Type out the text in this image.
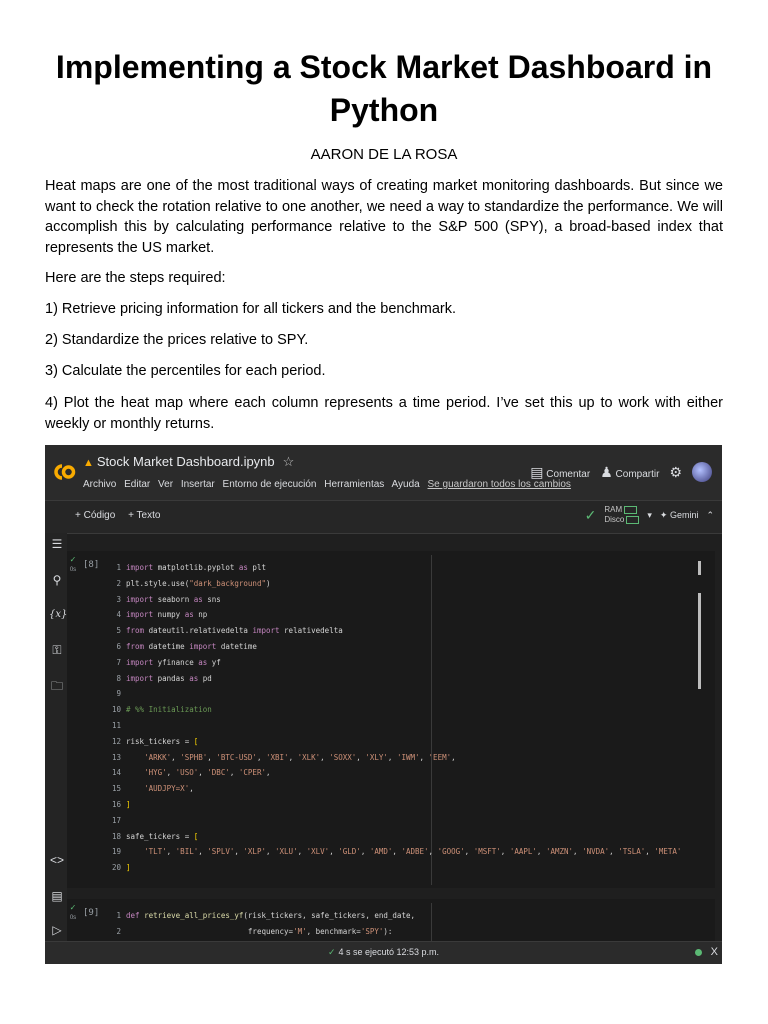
Implementing a Stock Market Dashboard in Python
AARON DE LA ROSA

Heat maps are one of the most traditional ways of creating market monitoring dashboards. But since we want to check the rotation relative to one another, we need a way to standardize the performance. We will accomplish this by calculating performance relative to the S&P 500 (SPY), a broad-based index that represents the US market.

Here are the steps required:

1) Retrieve pricing information for all tickers and the benchmark.

2) Standardize the prices relative to SPY.

3) Calculate the percentiles for each period.

4) Plot the heat map where each column represents a time period. I’ve set this up to work with either weekly or monthly returns.

▲ Stock Market Dashboard.ipynb ☆
Archivo Editar Ver Insertar Entorno de ejecución Herramientas Ayuda Se guardaron todos los cambios
▤ Comentar ♟ Compartir ⚙
+ Código + Texto	✓ RAM
Disco	▾ ✦ Gemini ⌃
☰
⚲
{x}
⚿
🗀
<>
▤
▷
✓
0s [8]	1 import matplotlib.pyplot as plt
2 plt.style.use("dark_background")
3 import seaborn as sns
4 import numpy as np
5 from dateutil.relativedelta import relativedelta
6 from datetime import datetime
7 import yfinance as yf
8 import pandas as pd
9
10 # %% Initialization
11
12 risk_tickers = [
13	'ARKK', 'SPHB', 'BTC-USD', 'XBI', 'XLK', 'SOXX', 'XLY', 'IWM', 'EEM',
14	'HYG', 'USO', 'DBC', 'CPER',
15	'AUDJPY=X',
16 ]
17
18 safe_tickers = [
19	'TLT', 'BIL', 'SPLV', 'XLP', 'XLU', 'XLV', 'GLD', 'AMD', 'ADBE', 'GOOG', 'MSFT', 'AAPL', 'AMZN', 'NVDA', 'TSLA', 'META'
20 ]
✓
0s [9]	1 def retrieve_all_prices_yf(risk_tickers, safe_tickers, end_date,
2                           frequency='M', benchmark='SPY'):
✓ 4 s se ejecutó 12:53 p.m.	X
